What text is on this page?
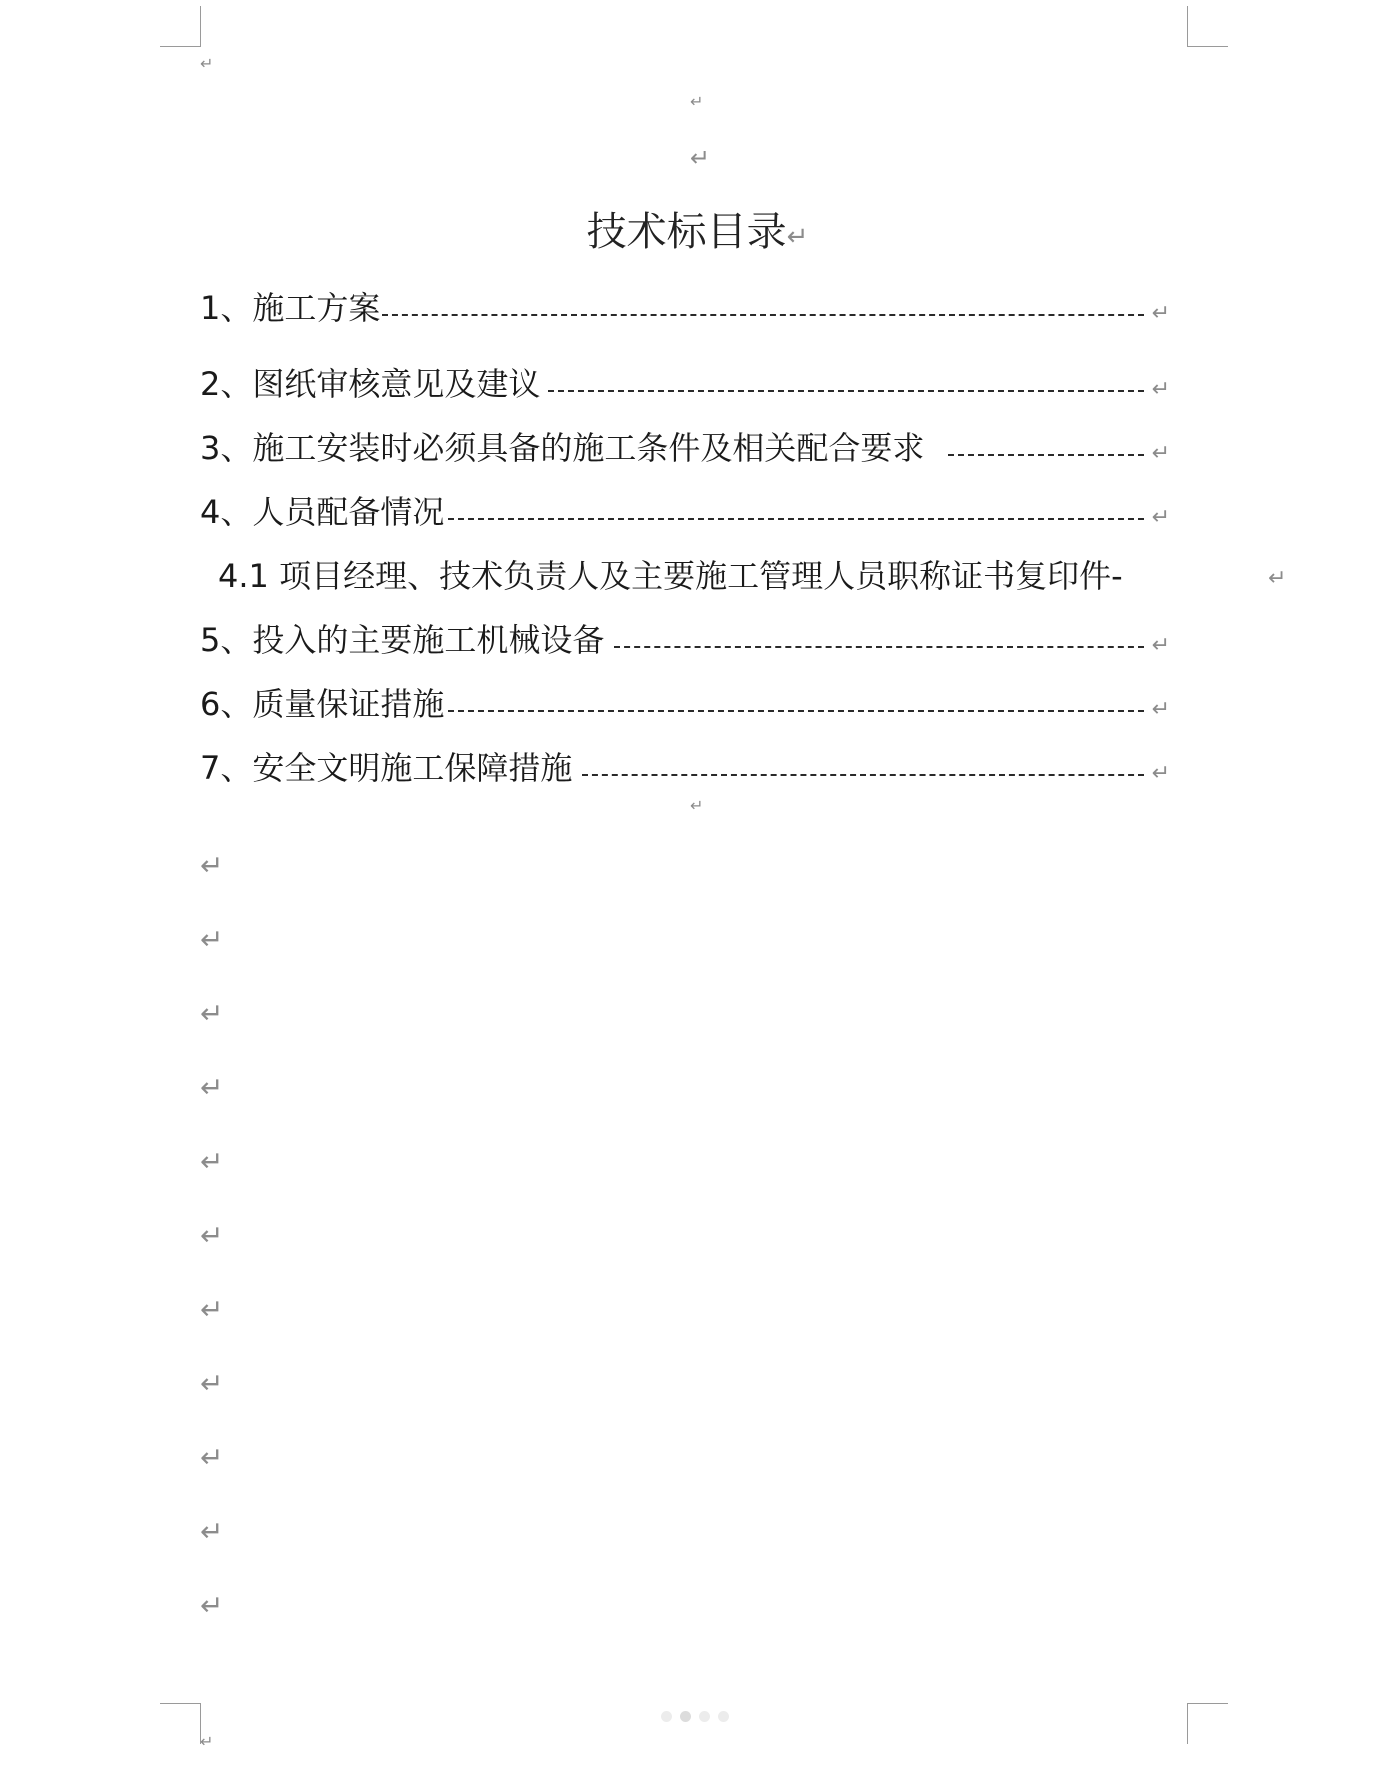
↵
↵
↵
技术标目录↵
1、施工方案	↵
2、图纸审核意见及建议	↵
3、施工安装时必须具备的施工条件及相关配合要求	↵
4、人员配备情况	↵
4.1 项目经理、技术负责人及主要施工管理人员职称证书复印件-	↵
5、投入的主要施工机械设备	↵
6、质量保证措施	↵
7、安全文明施工保障措施	↵
↵
↵
↵
↵
↵
↵
↵
↵
↵
↵
↵
↵
↵
